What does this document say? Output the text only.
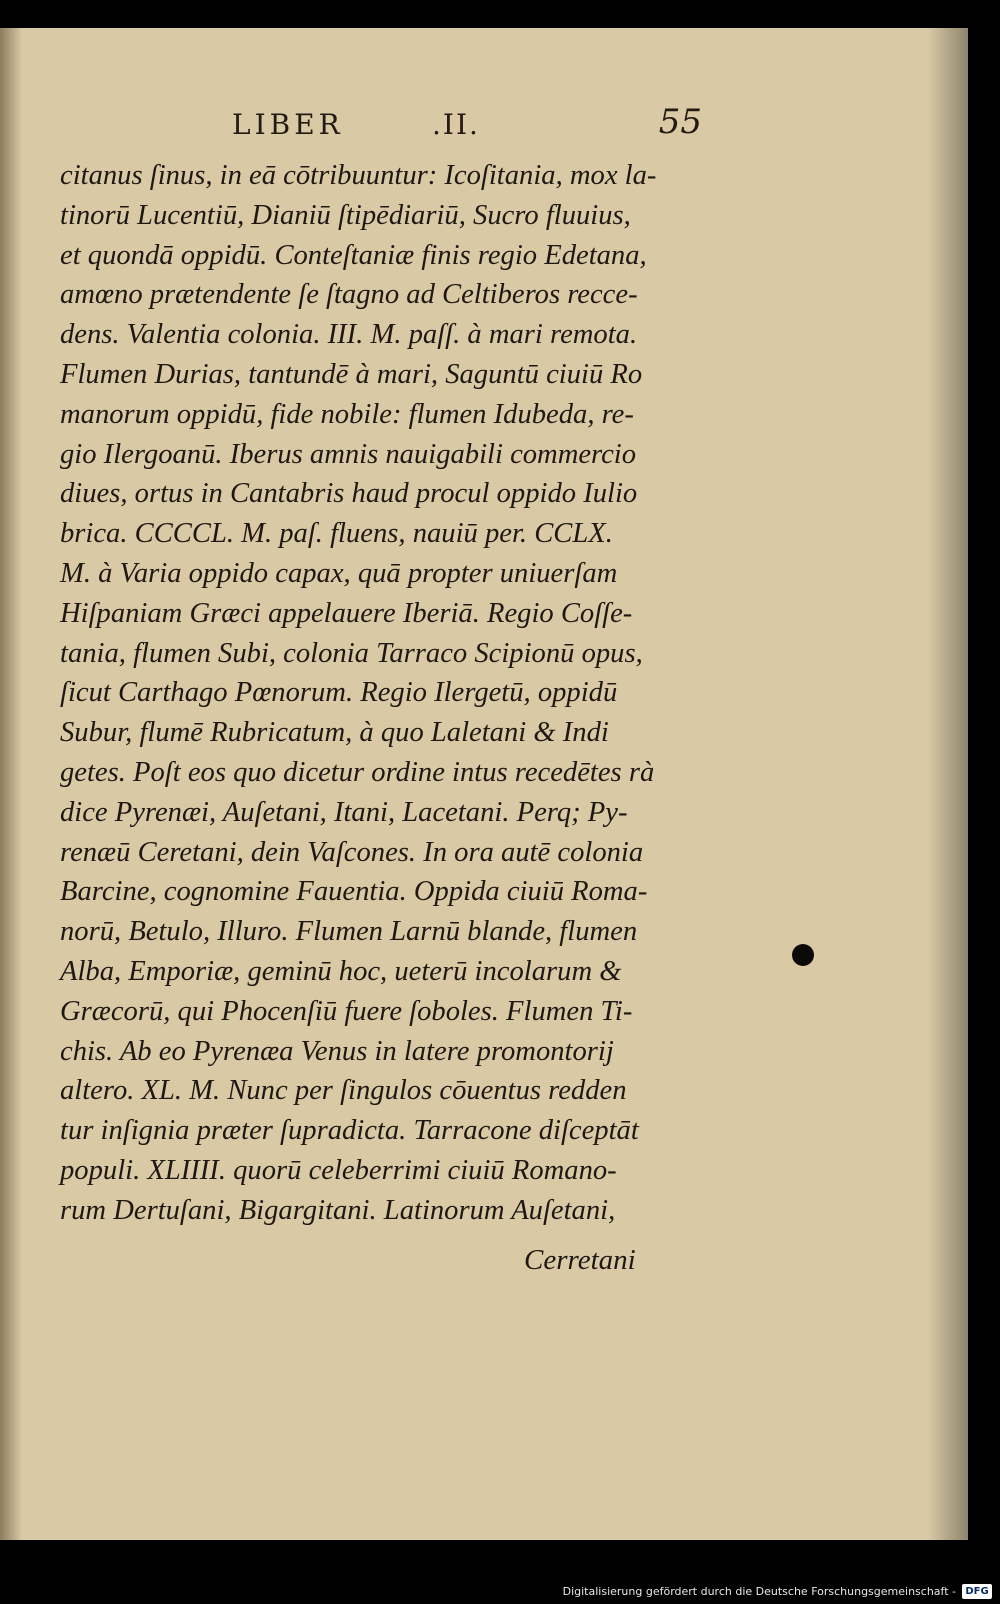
LIBER	.II.	55
citanus ſinus, in eā cōtribuuntur: Icoſitania, mox la-
tinorū Lucentiū, Dianiū ſtipēdiariū, Sucro fluuius,
et quondā oppidū. Conteſtaniæ finis regio Edetana,
amœno prætendente ſe ſtagno ad Celtiberos recce-
dens. Valentia colonia. III. M. paſſ. à mari remota.
Flumen Durias, tantundē à mari, Saguntū ciuiū Ro
manorum oppidū, fide nobile: flumen Idubeda, re-
gio Ilergoanū. Iberus amnis nauigabili commercio
diues, ortus in Cantabris haud procul oppido Iulio
brica. CCCCL. M. paſ. fluens, nauiū per. CCLX.
M. à Varia oppido capax, quā propter uniuerſam
Hiſpaniam Græci appelauere Iberiā. Regio Coſſe-
tania, flumen Subi, colonia Tarraco Scipionū opus,
ſicut Carthago Pœnorum. Regio Ilergetū, oppidū
Subur, flumē Rubricatum, à quo Laletani & Indi
getes. Poſt eos quo dicetur ordine intus recedētes rà
dice Pyrenæi, Auſetani, Itani, Lacetani. Perq; Py-
renæū Ceretani, dein Vaſcones. In ora autē colonia
Barcine, cognomine Fauentia. Oppida ciuiū Roma-
norū, Betulo, Illuro. Flumen Larnū blande, flumen
Alba, Emporiæ, geminū hoc, ueterū incolarum &
Græcorū, qui Phocenſiū fuere ſoboles. Flumen Ti-
chis. Ab eo Pyrenæa Venus in latere promontorij
altero. XL. M. Nunc per ſingulos cōuentus redden
tur inſignia præter ſupradicta. Tarracone diſceptāt
populi. XLIIII. quorū celeberrimi ciuiū Romano-
rum Dertuſani, Bigargitani. Latinorum Auſetani,
Cerretani
Digitalisierung gefördert durch die Deutsche Forschungsgemeinschaft - DFG
